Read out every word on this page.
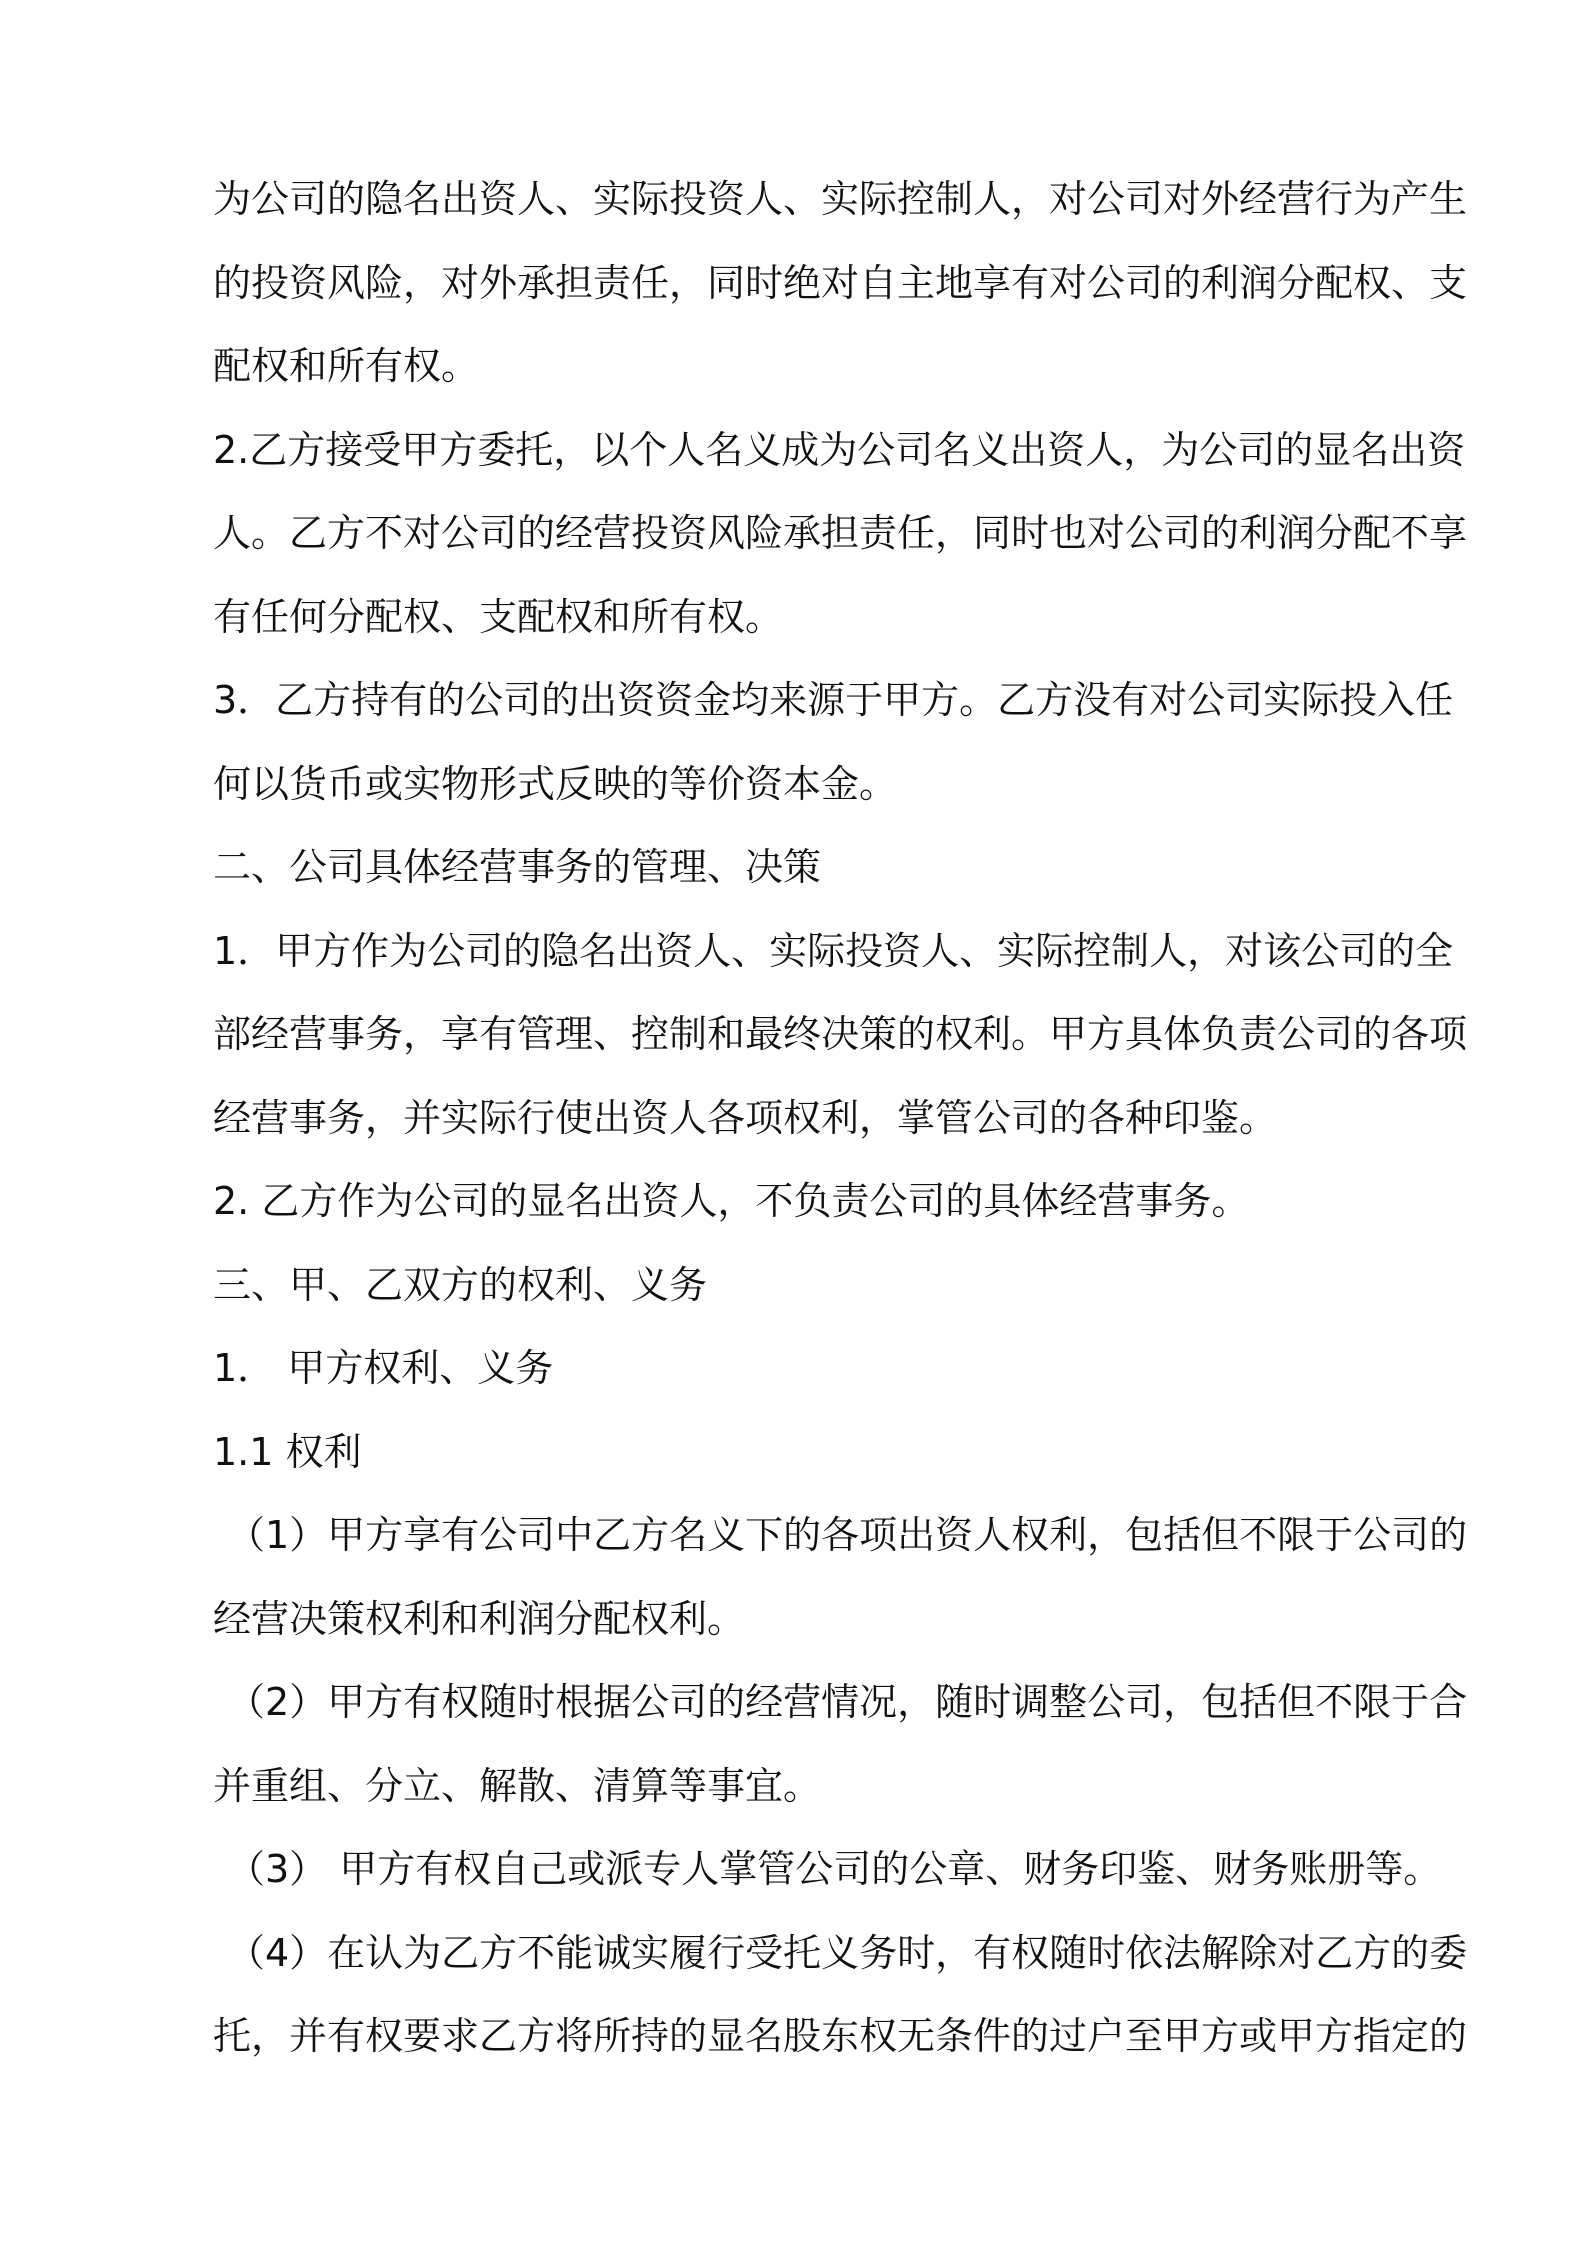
为公司的隐名出资人、实际投资人、实际控制人，对公司对外经营行为产生
的投资风险，对外承担责任，同时绝对自主地享有对公司的利润分配权、支
配权和所有权。
2.乙方接受甲方委托，以个人名义成为公司名义出资人，为公司的显名出资
人。乙方不对公司的经营投资风险承担责任，同时也对公司的利润分配不享
有任何分配权、支配权和所有权。
3．乙方持有的公司的出资资金均来源于甲方。乙方没有对公司实际投入任
何以货币或实物形式反映的等价资本金。
二、公司具体经营事务的管理、决策
1．甲方作为公司的隐名出资人、实际投资人、实际控制人，对该公司的全
部经营事务，享有管理、控制和最终决策的权利。甲方具体负责公司的各项
经营事务，并实际行使出资人各项权利，掌管公司的各种印鉴。
2. 乙方作为公司的显名出资人，不负责公司的具体经营事务。
三、甲、乙双方的权利、义务
1． 甲方权利、义务
1.1 权利
（1）甲方享有公司中乙方名义下的各项出资人权利，包括但不限于公司的
经营决策权利和利润分配权利。
（2）甲方有权随时根据公司的经营情况，随时调整公司，包括但不限于合
并重组、分立、解散、清算等事宜。
（3） 甲方有权自己或派专人掌管公司的公章、财务印鉴、财务账册等。
（4）在认为乙方不能诚实履行受托义务时，有权随时依法解除对乙方的委
托，并有权要求乙方将所持的显名股东权无条件的过户至甲方或甲方指定的
